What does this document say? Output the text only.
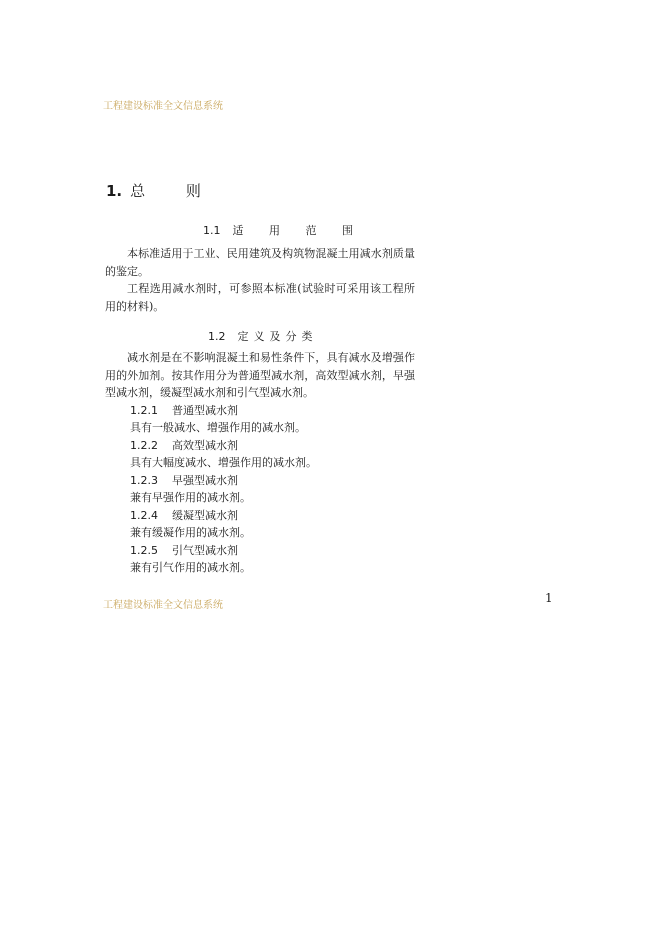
工程建设标准全文信息系统
1. 总 则
1.1 适 用 范 围

本标准适用于工业、民用建筑及构筑物混凝土用减水剂质量的鉴定。

工程选用减水剂时，可参照本标准(试验时可采用该工程所用的材料)。

1.2 定义及分类

减水剂是在不影响混凝土和易性条件下，具有减水及增强作用的外加剂。按其作用分为普通型减水剂，高效型减水剂，早强型减水剂，缓凝型减水剂和引气型减水剂。

1.2.1 普通型减水剂

具有一般减水、增强作用的减水剂。

1.2.2 高效型减水剂

具有大幅度减水、增强作用的减水剂。

1.2.3 早强型减水剂

兼有早强作用的减水剂。

1.2.4 缓凝型减水剂

兼有缓凝作用的减水剂。

1.2.5 引气型减水剂

兼有引气作用的减水剂。

工程建设标准全文信息系统
1
